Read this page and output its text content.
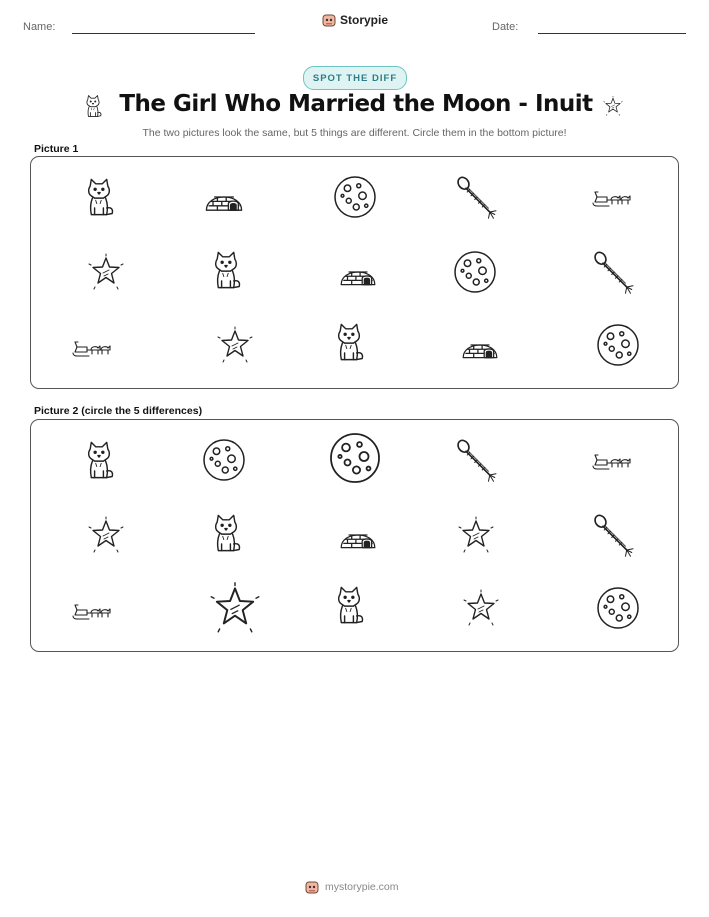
Name:	Storypie	Date:
SPOT THE DIFF
The Girl Who Married the Moon - Inuit
The two pictures look the same, but 5 things are different. Circle them in the bottom picture!
Picture 1
Picture 2 (circle the 5 differences)
mystorypie.com
